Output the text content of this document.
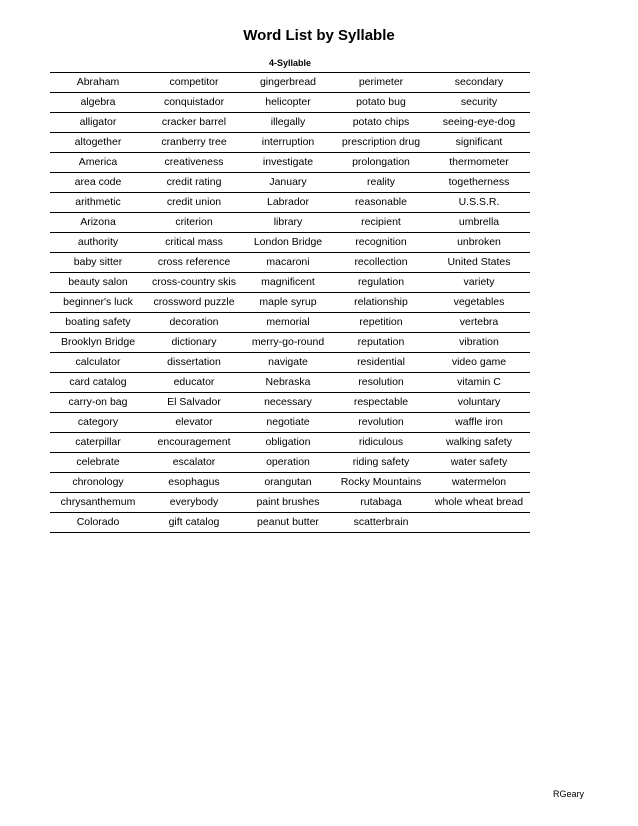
Word List by Syllable
4-Syllable
Abraham	competitor	gingerbread	perimeter	secondary
algebra	conquistador	helicopter	potato bug	security
alligator	cracker barrel	illegally	potato chips	seeing-eye-dog
altogether	cranberry tree	interruption	prescription drug	significant
America	creativeness	investigate	prolongation	thermometer
area code	credit rating	January	reality	togetherness
arithmetic	credit union	Labrador	reasonable	U.S.S.R.
Arizona	criterion	library	recipient	umbrella
authority	critical mass	London Bridge	recognition	unbroken
baby sitter	cross reference	macaroni	recollection	United States
beauty salon	cross-country skis	magnificent	regulation	variety
beginner's luck	crossword puzzle	maple syrup	relationship	vegetables
boating safety	decoration	memorial	repetition	vertebra
Brooklyn Bridge	dictionary	merry-go-round	reputation	vibration
calculator	dissertation	navigate	residential	video game
card catalog	educator	Nebraska	resolution	vitamin C
carry-on bag	El Salvador	necessary	respectable	voluntary
category	elevator	negotiate	revolution	waffle iron
caterpillar	encouragement	obligation	ridiculous	walking safety
celebrate	escalator	operation	riding safety	water safety
chronology	esophagus	orangutan	Rocky Mountains	watermelon
chrysanthemum	everybody	paint brushes	rutabaga	whole wheat bread
Colorado	gift catalog	peanut butter	scatterbrain	
RGeary
